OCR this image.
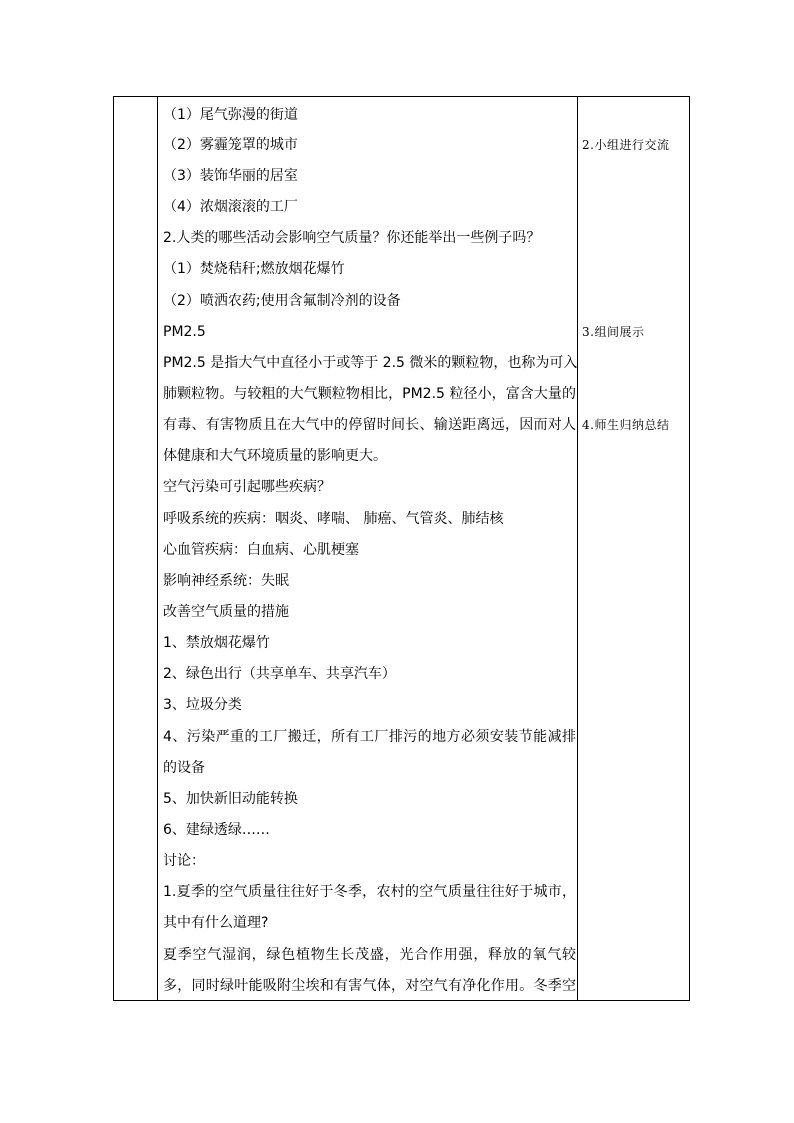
（1）尾气弥漫的街道
（2）雾霾笼罩的城市
（3）装饰华丽的居室
（4）浓烟滚滚的工厂
2.人类的哪些活动会影响空气质量？你还能举出一些例子吗？
（1）焚烧秸秆;燃放烟花爆竹
（2）喷洒农药;使用含氟制冷剂的设备
PM2.5
PM2.5 是指大气中直径小于或等于 2.5 微米的颗粒物，也称为可入
肺颗粒物。与较粗的大气颗粒物相比，PM2.5 粒径小，富含大量的
有毒、有害物质且在大气中的停留时间长、输送距离远，因而对人
体健康和大气环境质量的影响更大。
空气污染可引起哪些疾病？
呼吸系统的疾病：咽炎、哮喘、 肺癌、气管炎、肺结核
心血管疾病：白血病、心肌梗塞
影响神经系统：失眠
改善空气质量的措施
1、禁放烟花爆竹
2、绿色出行（共享单车、共享汽车）
3、垃圾分类
4、污染严重的工厂搬迁，所有工厂排污的地方必须安装节能减排
的设备
5、加快新旧动能转换
6、建绿透绿……
讨论：
1.夏季的空气质量往往好于冬季，农村的空气质量往往好于城市，
其中有什么道理?
夏季空气湿润，绿色植物生长茂盛，光合作用强，释放的氧气较
多，同时绿叶能吸附尘埃和有害气体，对空气有净化作用。冬季空
2.小组进行交流
3.组间展示
4.师生归纳总结
